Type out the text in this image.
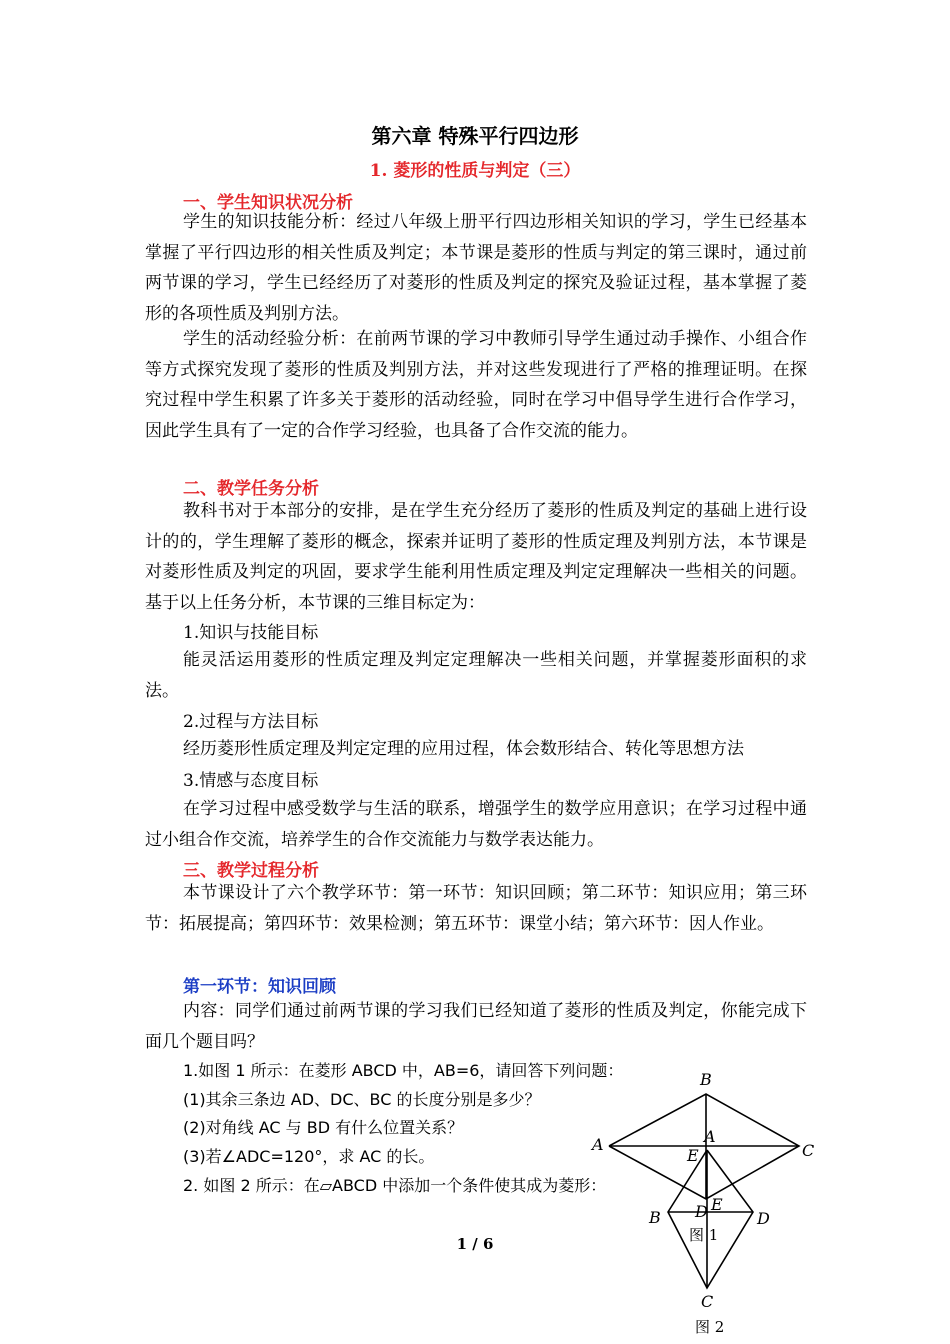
第六章 特殊平行四边形
1. 菱形的性质与判定（三）
一、学生知识状况分析

学生的知识技能分析：经过八年级上册平行四边形相关知识的学习，学生已经基本掌握了平行四边形的相关性质及判定；本节课是菱形的性质与判定的第三课时，通过前两节课的学习，学生已经经历了对菱形的性质及判定的探究及验证过程，基本掌握了菱形的各项性质及判别方法。

学生的活动经验分析：在前两节课的学习中教师引导学生通过动手操作、小组合作等方式探究发现了菱形的性质及判别方法，并对这些发现进行了严格的推理证明。在探究过程中学生积累了许多关于菱形的活动经验，同时在学习中倡导学生进行合作学习，因此学生具有了一定的合作学习经验，也具备了合作交流的能力。

二、教学任务分析

教科书对于本部分的安排，是在学生充分经历了菱形的性质及判定的基础上进行设计的的，学生理解了菱形的概念，探索并证明了菱形的性质定理及判别方法，本节课是对菱形性质及判定的巩固，要求学生能利用性质定理及判定定理解决一些相关的问题。基于以上任务分析，本节课的三维目标定为：

1.知识与技能目标

能灵活运用菱形的性质定理及判定定理解决一些相关问题，并掌握菱形面积的求法。

2.过程与方法目标

经历菱形性质定理及判定定理的应用过程，体会数形结合、转化等思想方法

3.情感与态度目标

在学习过程中感受数学与生活的联系，增强学生的数学应用意识；在学习过程中通过小组合作交流，培养学生的合作交流能力与数学表达能力。

三、教学过程分析

本节课设计了六个教学环节：第一环节：知识回顾；第二环节：知识应用；第三环节：拓展提高；第四环节：效果检测；第五环节：课堂小结；第六环节：因人作业。

第一环节：知识回顾

内容：同学们通过前两节课的学习我们已经知道了菱形的性质及判定，你能完成下面几个题目吗？

1.如图 1 所示：在菱形 ABCD 中，AB=6，请回答下列问题：
(1)其余三条边 AD、DC、BC 的长度分别是多少？
(2)对角线 AC 与 BD 有什么位置关系？
(3)若∠ADC=120°，求 AC 的长。
2. 如图 2 所示：在▱ABCD 中添加一个条件使其成为菱形：
1 / 6
B
A	C
D
E
图 1
A
B	D
C
E
图 2
